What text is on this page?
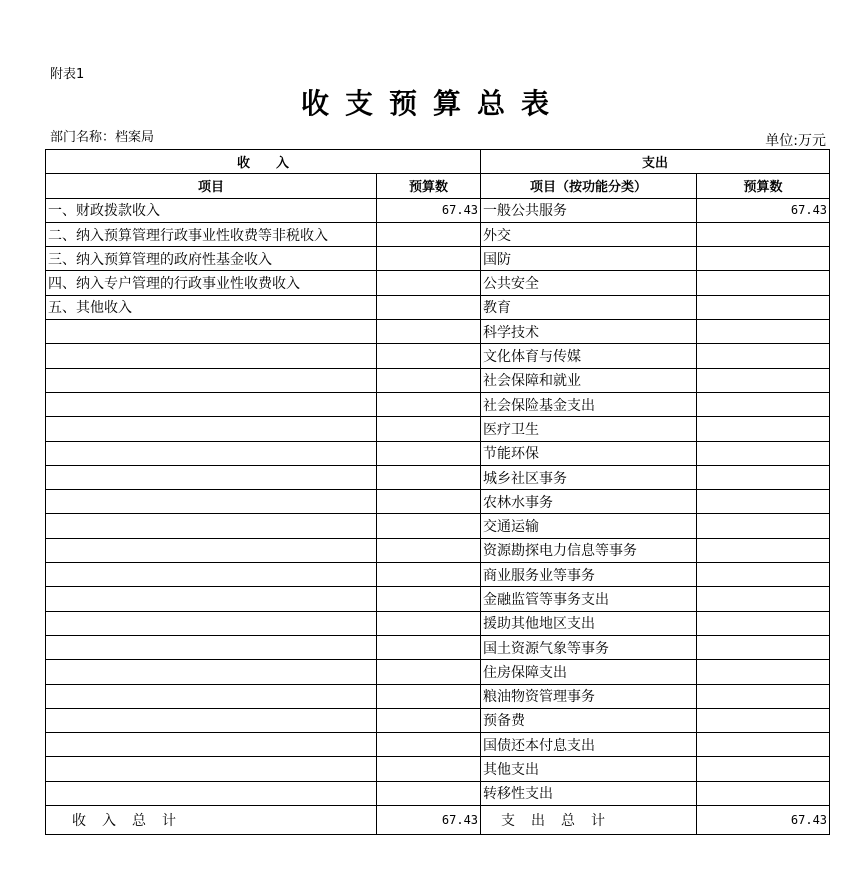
附表1
收支预算总表
部门名称：档案局	单位:万元
收　　入		支出	
项目	预算数	项目（按功能分类）	预算数
一、财政拨款收入	67.43	一般公共服务	67.43
二、纳入预算管理行政事业性收费等非税收入		外交	
三、纳入预算管理的政府性基金收入		国防	
四、纳入专户管理的行政事业性收费收入		公共安全	
五、其他收入		教育	
		科学技术	
		文化体育与传媒	
		社会保障和就业	
		社会保险基金支出	
		医疗卫生	
		节能环保	
		城乡社区事务	
		农林水事务	
		交通运输	
		资源勘探电力信息等事务	
		商业服务业等事务	
		金融监管等事务支出	
		援助其他地区支出	
		国土资源气象等事务	
		住房保障支出	
		粮油物资管理事务	
		预备费	
		国债还本付息支出	
		其他支出	
		转移性支出	
收入总计	67.43	支出总计	67.43
